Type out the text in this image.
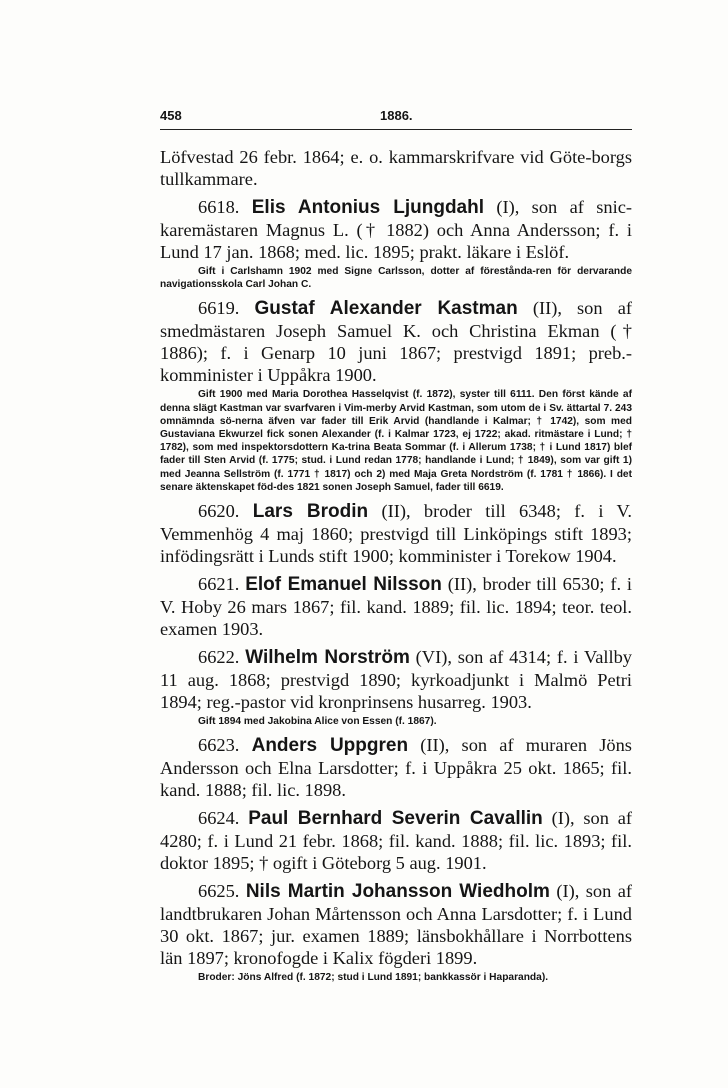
458	1886.

Löfvestad 26 febr. 1864; e. o. kammarskrifvare vid Göte-borgs tullkammare.

6618. Elis Antonius Ljungdahl (I), son af snic-karemästaren Magnus L. († 1882) och Anna Andersson; f. i Lund 17 jan. 1868; med. lic. 1895; prakt. läkare i Eslöf.

Gift i Carlshamn 1902 med Signe Carlsson, dotter af förestånda-ren för dervarande navigationsskola Carl Johan C.

6619. Gustaf Alexander Kastman (II), son af smedmästaren Joseph Samuel K. och Christina Ekman († 1886); f. i Genarp 10 juni 1867; prestvigd 1891; preb.-komminister i Uppåkra 1900.

Gift 1900 med Maria Dorothea Hasselqvist (f. 1872), syster till 6111. Den först kände af denna slägt Kastman var svarfvaren i Vim-merby Arvid Kastman, som utom de i Sv. ättartal 7. 243 omnämnda sö-nerna äfven var fader till Erik Arvid (handlande i Kalmar; † 1742), som med Gustaviana Ekwurzel fick sonen Alexander (f. i Kalmar 1723, ej 1722; akad. ritmästare i Lund; † 1782), som med inspektorsdottern Ka-trina Beata Sommar (f. i Allerum 1738; † i Lund 1817) blef fader till Sten Arvid (f. 1775; stud. i Lund redan 1778; handlande i Lund; † 1849), som var gift 1) med Jeanna Sellström (f. 1771 † 1817) och 2) med Maja Greta Nordström (f. 1781 † 1866). I det senare äktenskapet föd-des 1821 sonen Joseph Samuel, fader till 6619.

6620. Lars Brodin (II), broder till 6348; f. i V. Vemmenhög 4 maj 1860; prestvigd till Linköpings stift 1893; infödingsrätt i Lunds stift 1900; komminister i Torekow 1904.

6621. Elof Emanuel Nilsson (II), broder till 6530; f. i V. Hoby 26 mars 1867; fil. kand. 1889; fil. lic. 1894; teor. teol. examen 1903.

6622. Wilhelm Norström (VI), son af 4314; f. i Vallby 11 aug. 1868; prestvigd 1890; kyrkoadjunkt i Malmö Petri 1894; reg.-pastor vid kronprinsens husarreg. 1903.

Gift 1894 med Jakobina Alice von Essen (f. 1867).

6623. Anders Uppgren (II), son af muraren Jöns Andersson och Elna Larsdotter; f. i Uppåkra 25 okt. 1865; fil. kand. 1888; fil. lic. 1898.

6624. Paul Bernhard Severin Cavallin (I), son af 4280; f. i Lund 21 febr. 1868; fil. kand. 1888; fil. lic. 1893; fil. doktor 1895; † ogift i Göteborg 5 aug. 1901.

6625. Nils Martin Johansson Wiedholm (I), son af landtbrukaren Johan Mårtensson och Anna Larsdotter; f. i Lund 30 okt. 1867; jur. examen 1889; länsbokhållare i Norrbottens län 1897; kronofogde i Kalix fögderi 1899.

Broder: Jöns Alfred (f. 1872; stud i Lund 1891; bankkassör i Haparanda).
